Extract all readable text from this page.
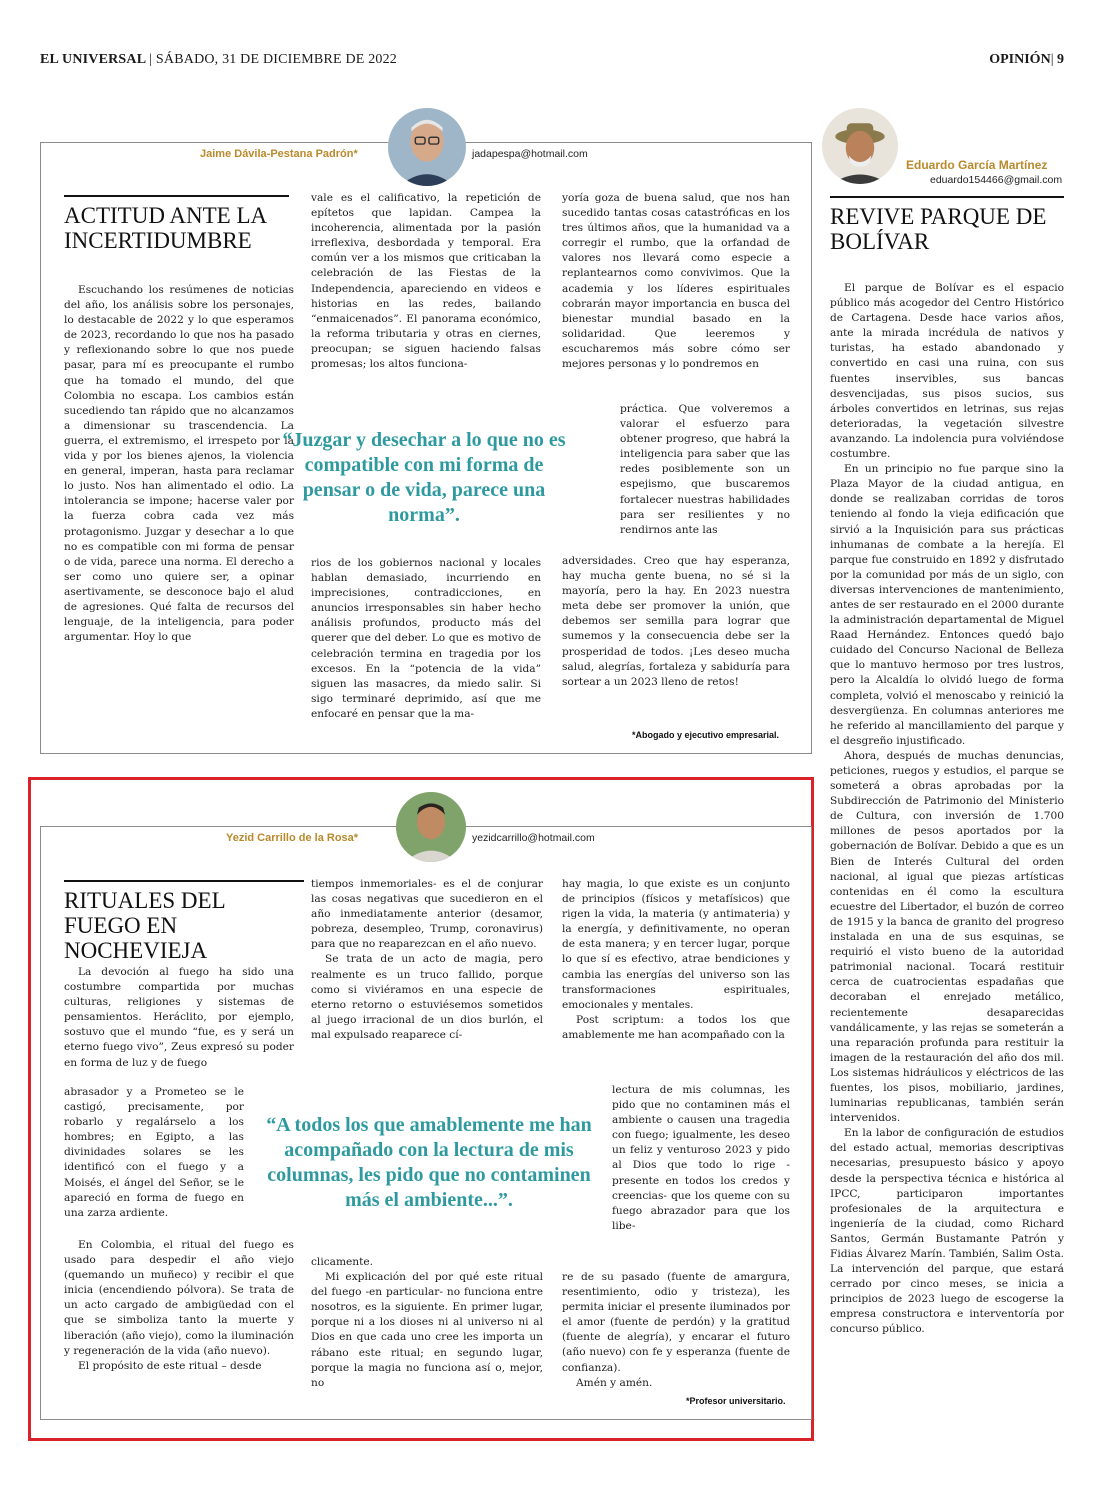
EL UNIVERSAL | SÁBADO, 31 DE DICIEMBRE DE 2022	OPINIÓN| 9
Jaime Dávila-Pestana Padrón*	jadapespa@hotmail.com
ACTITUD ANTE LA INCERTIDUMBRE

Escuchando los resúmenes de noticias del año, los análisis sobre los personajes, lo destacable de 2022 y lo que esperamos de 2023, recordando lo que nos ha pasado y reflexionando sobre lo que nos puede pasar, para mí es preocupante el rumbo que ha tomado el mundo, del que Colombia no escapa. Los cambios están sucediendo tan rápido que no alcanzamos a dimensionar su trascendencia. La guerra, el extremismo, el irrespeto por la vida y por los bienes ajenos, la violencia en general, imperan, hasta para reclamar lo justo. Nos han alimentado el odio. La intolerancia se impone; hacerse valer por la fuerza cobra cada vez más protagonismo. Juzgar y desechar a lo que no es compatible con mi forma de pensar o de vida, parece una norma. El derecho a ser como uno quiere ser, a opinar asertivamente, se desconoce bajo el alud de agresiones. Qué falta de recursos del lenguaje, de la inteligencia, para poder argumentar. Hoy lo que

vale es el calificativo, la repetición de epítetos que lapidan. Campea la incoherencia, alimentada por la pasión irreflexiva, desbordada y temporal. Era común ver a los mismos que criticaban la celebración de las Fiestas de la Independencia, apareciendo en videos e historias en las redes, bailando “enmaicenados”. El panorama económico, la reforma tributaria y otras en ciernes, preocupan; se siguen haciendo falsas promesas; los altos funciona-

“Juzgar y desechar a lo que no es compatible con mi forma de pensar o de vida, parece una norma”.

rios de los gobiernos nacional y locales hablan demasiado, incurriendo en imprecisiones, contradicciones, en anuncios irresponsables sin haber hecho análisis profundos, producto más del querer que del deber. Lo que es motivo de celebración termina en tragedia por los excesos. En la “potencia de la vida” siguen las masacres, da miedo salir. Si sigo terminaré deprimido, así que me enfocaré en pensar que la ma-

yoría goza de buena salud, que nos han sucedido tantas cosas catastróficas en los tres últimos años, que la humanidad va a corregir el rumbo, que la orfandad de valores nos llevará como especie a replantearnos como convivimos. Que la academia y los líderes espirituales cobrarán mayor importancia en busca del bienestar mundial basado en la solidaridad. Que leeremos y escucharemos más sobre cómo ser mejores personas y lo pondremos en

práctica. Que volveremos a valorar el esfuerzo para obtener progreso, que habrá la inteligencia para saber que las redes posiblemente son un espejismo, que buscaremos fortalecer nuestras habilidades para ser resilientes y no rendirnos ante las

adversidades. Creo que hay esperanza, hay mucha gente buena, no sé si la mayoría, pero la hay. En 2023 nuestra meta debe ser promover la unión, que debemos ser semilla para lograr que sumemos y la consecuencia debe ser la prosperidad de todos. ¡Les deseo mucha salud, alegrías, fortaleza y sabiduría para sortear a un 2023 lleno de retos!

*Abogado y ejecutivo empresarial.
Yezid Carrillo de la Rosa*	yezidcarrillo@hotmail.com
RITUALES DEL FUEGO EN NOCHEVIEJA

La devoción al fuego ha sido una costumbre compartida por muchas culturas, religiones y sistemas de pensamientos. Heráclito, por ejemplo, sostuvo que el mundo “fue, es y será un eterno fuego vivo”, Zeus expresó su poder en forma de luz y de fuego

abrasador y a Prometeo se le castigó, precisamente, por robarlo y regalárselo a los hombres; en Egipto, a las divinidades solares se les identificó con el fuego y a Moisés, el ángel del Señor, se le apareció en forma de fuego en una zarza ardiente.

En Colombia, el ritual del fuego es usado para despedir el año viejo (quemando un muñeco) y recibir el que inicia (encendiendo pólvora). Se trata de un acto cargado de ambigüedad con el que se simboliza tanto la muerte y liberación (año viejo), como la iluminación y regeneración de la vida (año nuevo).

El propósito de este ritual – desde

tiempos inmemoriales- es el de conjurar las cosas negativas que sucedieron en el año inmediatamente anterior (desamor, pobreza, desempleo, Trump, coronavirus) para que no reaparezcan en el año nuevo.

Se trata de un acto de magia, pero realmente es un truco fallido, porque como si viviéramos en una especie de eterno retorno o estuviésemos sometidos al juego irracional de un dios burlón, el mal expulsado reaparece cí-

“A todos los que amablemente me han acompañado con la lectura de mis columnas, les pido que no contaminen más el ambiente...”.

clicamente.

Mi explicación del por qué este ritual del fuego -en particular- no funciona entre nosotros, es la siguiente. En primer lugar, porque ni a los dioses ni al universo ni al Dios en que cada uno cree les importa un rábano este ritual; en segundo lugar, porque la magia no funciona así o, mejor, no

hay magia, lo que existe es un conjunto de principios (físicos y metafísicos) que rigen la vida, la materia (y antimateria) y la energía, y definitivamente, no operan de esta manera; y en tercer lugar, porque lo que sí es efectivo, atrae bendiciones y cambia las energías del universo son las transformaciones espirituales, emocionales y mentales.

Post scriptum: a todos los que amablemente me han acompañado con la

lectura de mis columnas, les pido que no contaminen más el ambiente o causen una tragedia con fuego; igualmente, les deseo un feliz y venturoso 2023 y pido al Dios que todo lo rige -presente en todos los credos y creencias- que los queme con su fuego abrazador para que los libe-

re de su pasado (fuente de amargura, resentimiento, odio y tristeza), les permita iniciar el presente iluminados por el amor (fuente de perdón) y la gratitud (fuente de alegría), y encarar el futuro (año nuevo) con fe y esperanza (fuente de confianza).

Amén y amén.

*Profesor universitario.
Eduardo García Martínez
eduardo154466@gmail.com
REVIVE PARQUE DE BOLÍVAR

El parque de Bolívar es el espacio público más acogedor del Centro Histórico de Cartagena. Desde hace varios años, ante la mirada incrédula de nativos y turistas, ha estado abandonado y convertido en casi una ruina, con sus fuentes inservibles, sus bancas desvencijadas, sus pisos sucios, sus árboles convertidos en letrinas, sus rejas deterioradas, la vegetación silvestre avanzando. La indolencia pura volviéndose costumbre.

En un principio no fue parque sino la Plaza Mayor de la ciudad antigua, en donde se realizaban corridas de toros teniendo al fondo la vieja edificación que sirvió a la Inquisición para sus prácticas inhumanas de combate a la herejía. El parque fue construido en 1892 y disfrutado por la comunidad por más de un siglo, con diversas intervenciones de mantenimiento, antes de ser restaurado en el 2000 durante la administración departamental de Miguel Raad Hernández. Entonces quedó bajo cuidado del Concurso Nacional de Belleza que lo mantuvo hermoso por tres lustros, pero la Alcaldía lo olvidó luego de forma completa, volvió el menoscabo y reinició la desvergüenza. En columnas anteriores me he referido al mancillamiento del parque y el desgreño injustificado.

Ahora, después de muchas denuncias, peticiones, ruegos y estudios, el parque se someterá a obras aprobadas por la Subdirección de Patrimonio del Ministerio de Cultura, con inversión de 1.700 millones de pesos aportados por la gobernación de Bolívar. Debido a que es un Bien de Interés Cultural del orden nacional, al igual que piezas artísticas contenidas en él como la escultura ecuestre del Libertador, el buzón de correo de 1915 y la banca de granito del progreso instalada en una de sus esquinas, se requirió el visto bueno de la autoridad patrimonial nacional. Tocará restituir cerca de cuatrocientas espadañas que decoraban el enrejado metálico, recientemente desaparecidas vandálicamente, y las rejas se someterán a una reparación profunda para restituir la imagen de la restauración del año dos mil. Los sistemas hidráulicos y eléctricos de las fuentes, los pisos, mobiliario, jardines, luminarias republicanas, también serán intervenidos.

En la labor de configuración de estudios del estado actual, memorias descriptivas necesarias, presupuesto básico y apoyo desde la perspectiva técnica e histórica al IPCC, participaron importantes profesionales de la arquitectura e ingeniería de la ciudad, como Richard Santos, Germán Bustamante Patrón y Fidias Álvarez Marín. También, Salim Osta. La intervención del parque, que estará cerrado por cinco meses, se inicia a principios de 2023 luego de escogerse la empresa constructora e interventoría por concurso público.
